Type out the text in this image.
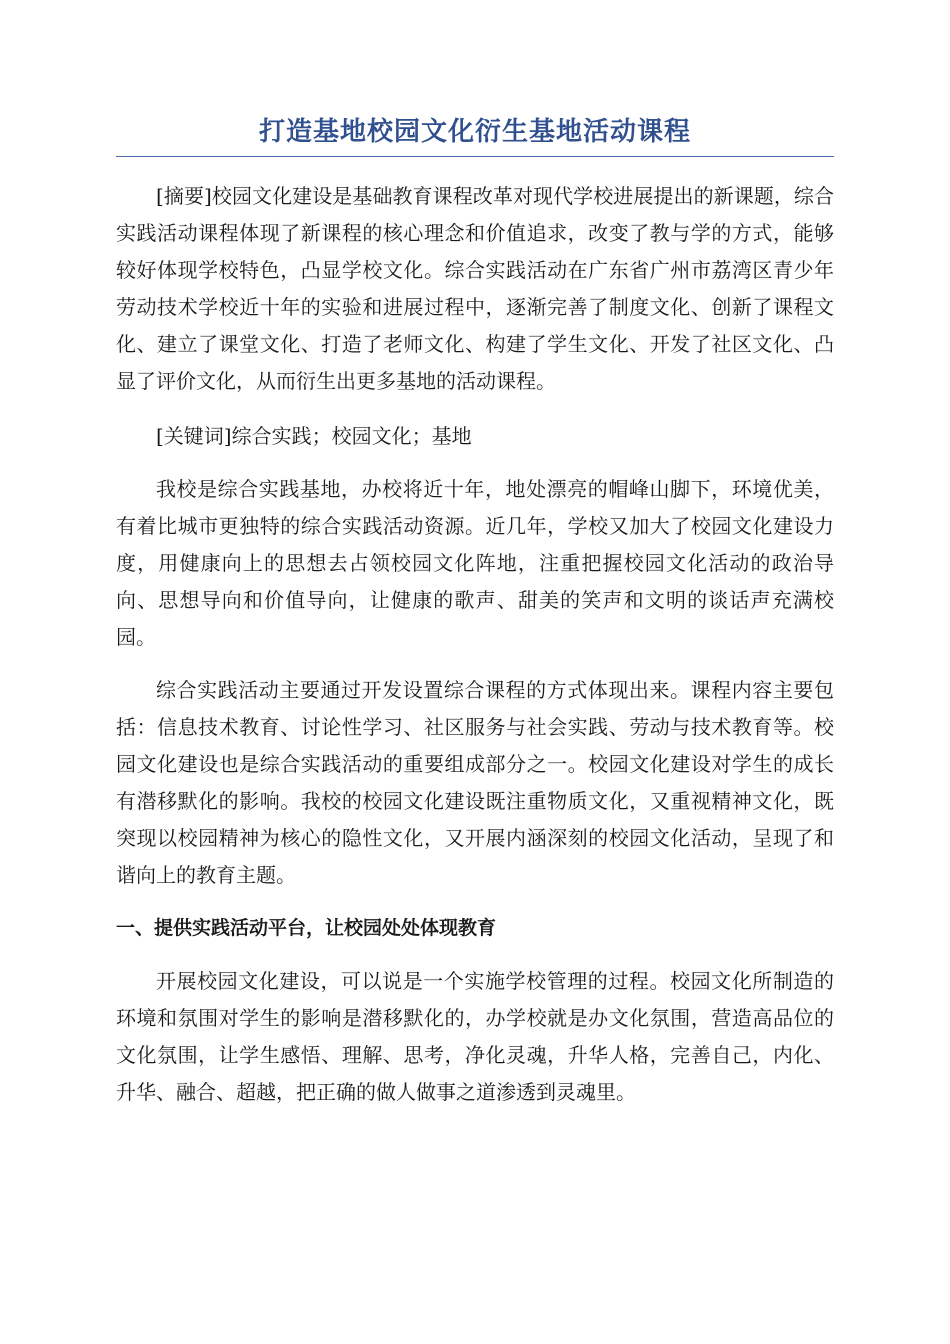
打造基地校园文化衍生基地活动课程

[摘要]校园文化建设是基础教育课程改革对现代学校进展提出的新课题，综合实践活动课程体现了新课程的核心理念和价值追求，改变了教与学的方式，能够较好体现学校特色，凸显学校文化。综合实践活动在广东省广州市荔湾区青少年劳动技术学校近十年的实验和进展过程中，逐渐完善了制度文化、创新了课程文化、建立了课堂文化、打造了老师文化、构建了学生文化、开发了社区文化、凸显了评价文化，从而衍生出更多基地的活动课程。

[关键词]综合实践；校园文化；基地

我校是综合实践基地，办校将近十年，地处漂亮的帽峰山脚下，环境优美，有着比城市更独特的综合实践活动资源。近几年，学校又加大了校园文化建设力度，用健康向上的思想去占领校园文化阵地，注重把握校园文化活动的政治导向、思想导向和价值导向，让健康的歌声、甜美的笑声和文明的谈话声充满校园。

综合实践活动主要通过开发设置综合课程的方式体现出来。课程内容主要包括：信息技术教育、讨论性学习、社区服务与社会实践、劳动与技术教育等。校园文化建设也是综合实践活动的重要组成部分之一。校园文化建设对学生的成长有潜移默化的影响。我校的校园文化建设既注重物质文化，又重视精神文化，既突现以校园精神为核心的隐性文化，又开展内涵深刻的校园文化活动，呈现了和谐向上的教育主题。

一、提供实践活动平台，让校园处处体现教育

开展校园文化建设，可以说是一个实施学校管理的过程。校园文化所制造的环境和氛围对学生的影响是潜移默化的，办学校就是办文化氛围，营造高品位的文化氛围，让学生感悟、理解、思考，净化灵魂，升华人格，完善自己，内化、升华、融合、超越，把正确的做人做事之道渗透到灵魂里。
